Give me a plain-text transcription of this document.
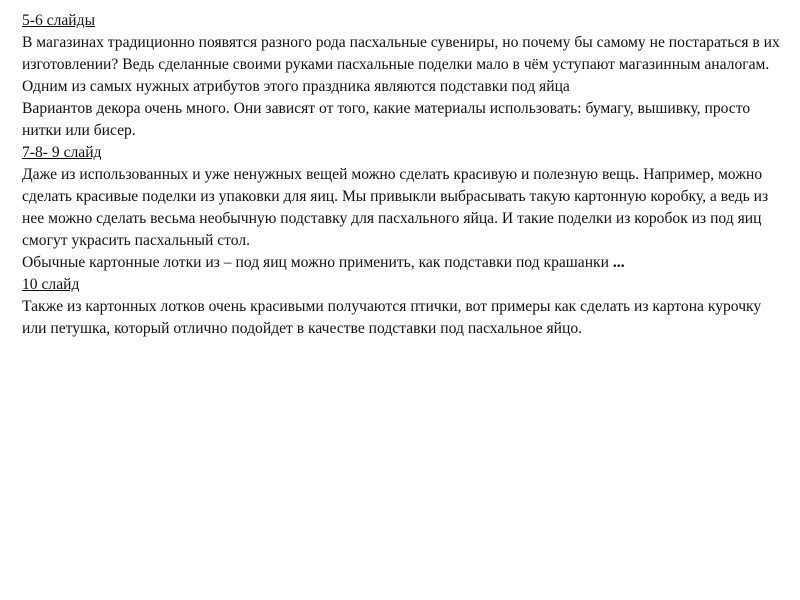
5-6 слайды

В магазинах традиционно появятся разного рода пасхальные сувениры, но почему бы самому не постараться в их изготовлении? Ведь сделанные своими руками пасхальные поделки мало в чём уступают магазинным аналогам.

Одним из самых нужных атрибутов этого праздника являются подставки под яйца

Вариантов декора очень много. Они зависят от того, какие материалы использовать: бумагу, вышивку, просто нитки или бисер.

7-8- 9 слайд

Даже из использованных и уже ненужных вещей можно сделать красивую и полезную вещь. Например, можно сделать красивые поделки из упаковки для яиц. Мы привыкли выбрасывать такую картонную коробку, а ведь из нее можно сделать весьма необычную подставку для пасхального яйца. И такие поделки из коробок из под яиц смогут украсить пасхальный стол.

Обычные картонные лотки из – под яиц можно применить, как подставки под крашанки ...

10 слайд

Также из картонных лотков очень красивыми получаются птички, вот примеры как сделать из картона курочку или петушка, который отлично подойдет в качестве подставки под пасхальное яйцо.
